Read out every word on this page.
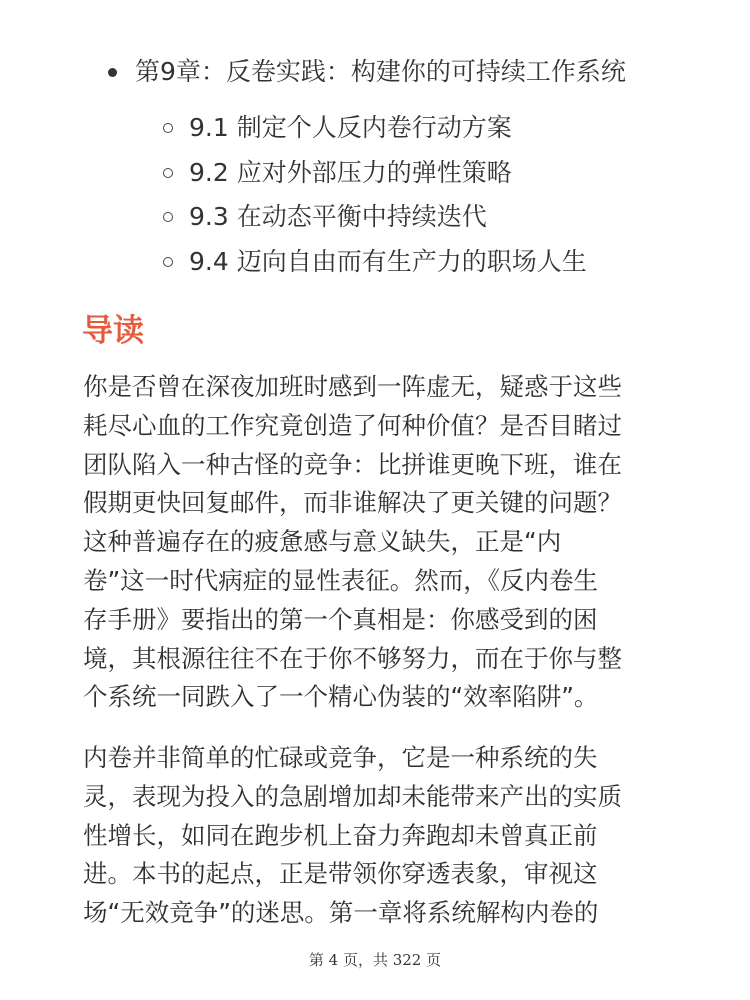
第9章：反卷实践：构建你的可持续工作系统
9.1 制定个人反内卷行动方案
9.2 应对外部压力的弹性策略
9.3 在动态平衡中持续迭代
9.4 迈向自由而有生产力的职场人生
导读

你是否曾在深夜加班时感到一阵虚无，疑惑于这些
耗尽心血的工作究竟创造了何种价值？是否目睹过
团队陷入一种古怪的竞争：比拼谁更晚下班，谁在
假期更快回复邮件，而非谁解决了更关键的问题？
这种普遍存在的疲惫感与意义缺失，正是“内
卷”这一时代病症的显性表征。然而，《反内卷生
存手册》要指出的第一个真相是：你感受到的困
境，其根源往往不在于你不够努力，而在于你与整
个系统一同跌入了一个精心伪装的“效率陷阱”。

内卷并非简单的忙碌或竞争，它是一种系统的失
灵，表现为投入的急剧增加却未能带来产出的实质
性增长，如同在跑步机上奋力奔跑却未曾真正前
进。本书的起点，正是带领你穿透表象，审视这
场“无效竞争”的迷思。第一章将系统解构内卷的

第 4 页，共 322 页
